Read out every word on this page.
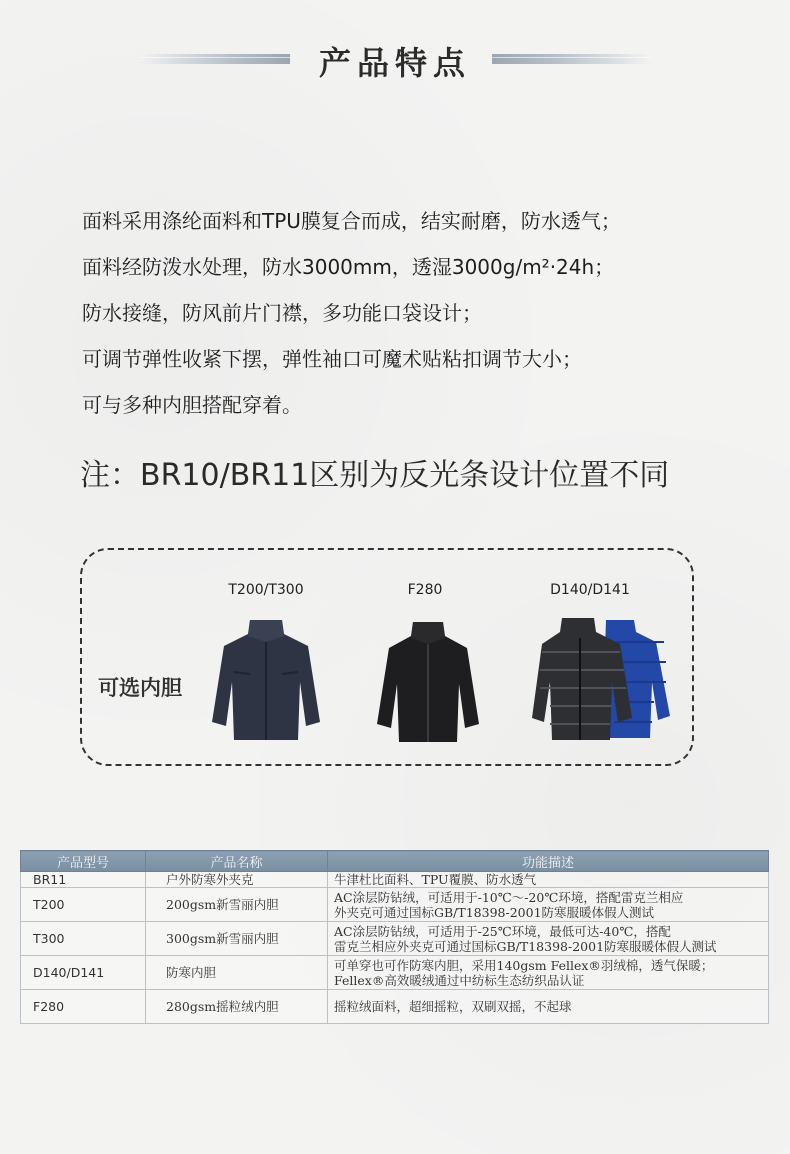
产品特点
面料采用涤纶面料和TPU膜复合而成，结实耐磨，防水透气；
面料经防泼水处理，防水3000mm，透湿3000g/m²·24h；
防水接缝，防风前片门襟，多功能口袋设计；
可调节弹性收紧下摆，弹性袖口可魔术贴粘扣调节大小；
可与多种内胆搭配穿着。
注：BR10/BR11区别为反光条设计位置不同
可选内胆
T200/T300	F280	D140/D141
产品型号	产品名称	功能描述
BR11	户外防寒外夹克	牛津杜比面料、TPU覆膜、防水透气

T200	200gsm新雪丽内胆	AC涂层防钻绒，可适用于-10℃～-20℃环境，搭配雷克兰相应
外夹克可通过国标GB/T18398-2001防寒服暖体假人测试

T300	300gsm新雪丽内胆	AC涂层防钻绒，可适用于-25℃环境，最低可达-40℃，搭配
雷克兰相应外夹克可通过国标GB/T18398-2001防寒服暖体假人测试

D140/D141	防寒内胆	可单穿也可作防寒内胆，采用140gsm Fellex®羽绒棉，透气保暖；
Fellex®高效暖绒通过中纺标生态纺织品认证

F280	280gsm摇粒绒内胆	摇粒绒面料，超细摇粒，双刷双摇，不起球
